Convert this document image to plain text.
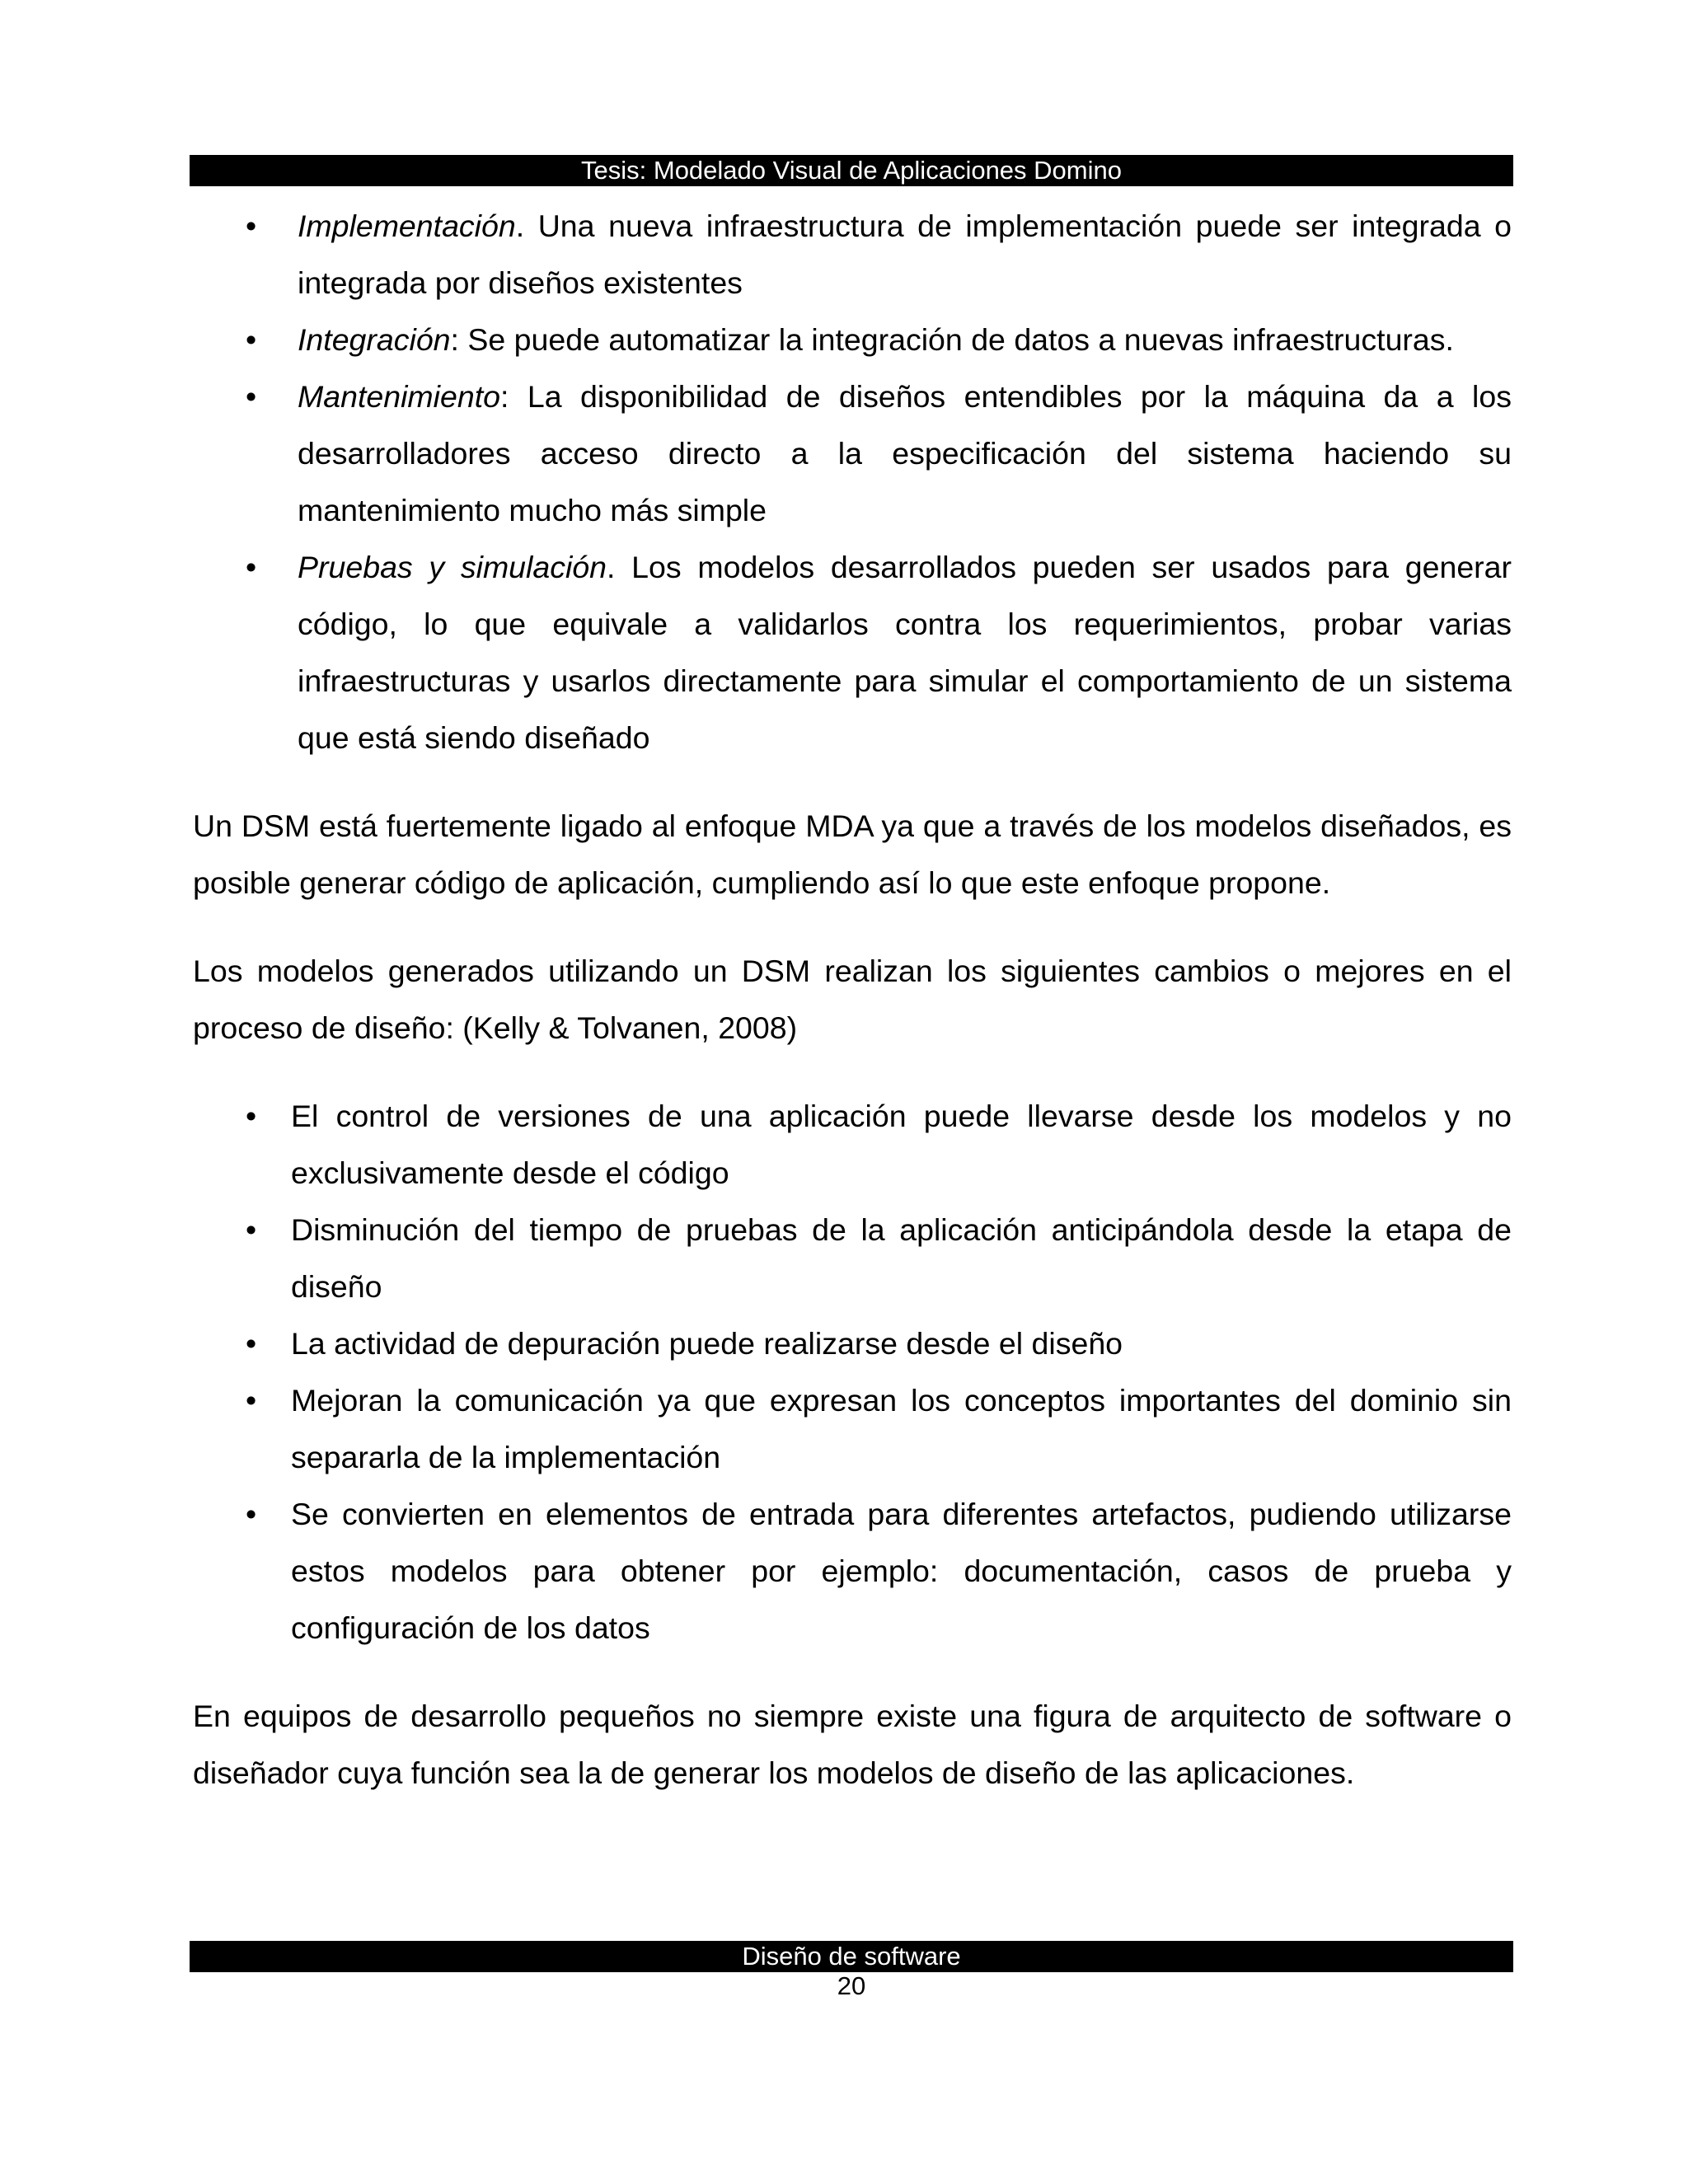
Tesis: Modelado Visual de Aplicaciones Domino
• Implementación. Una nueva infraestructura de implementación puede ser integrada o integrada por diseños existentes
• Integración: Se puede automatizar la integración de datos a nuevas infraestructuras.
• Mantenimiento: La disponibilidad de diseños entendibles por la máquina da a los desarrolladores acceso directo a la especificación del sistema haciendo su mantenimiento mucho más simple
• Pruebas y simulación. Los modelos desarrollados pueden ser usados para generar código, lo que equivale a validarlos contra los requerimientos, probar varias infraestructuras y usarlos directamente para simular el comportamiento de un sistema que está siendo diseñado

Un DSM está fuertemente ligado al enfoque MDA ya que a través de los modelos diseñados, es posible generar código de aplicación, cumpliendo así lo que este enfoque propone.

Los modelos generados utilizando un DSM realizan los siguientes cambios o mejores en el proceso de diseño: (Kelly & Tolvanen, 2008)

• El control de versiones de una aplicación puede llevarse desde los modelos y no exclusivamente desde el código
• Disminución del tiempo de pruebas de la aplicación anticipándola desde la etapa de diseño
• La actividad de depuración puede realizarse desde el diseño
• Mejoran la comunicación ya que expresan los conceptos importantes del dominio sin separarla de la implementación
• Se convierten en elementos de entrada para diferentes artefactos, pudiendo utilizarse estos modelos para obtener por ejemplo: documentación, casos de prueba y configuración de los datos

En equipos de desarrollo pequeños no siempre existe una figura de arquitecto de software o diseñador cuya función sea la de generar los modelos de diseño de las aplicaciones.

Diseño de software
20
